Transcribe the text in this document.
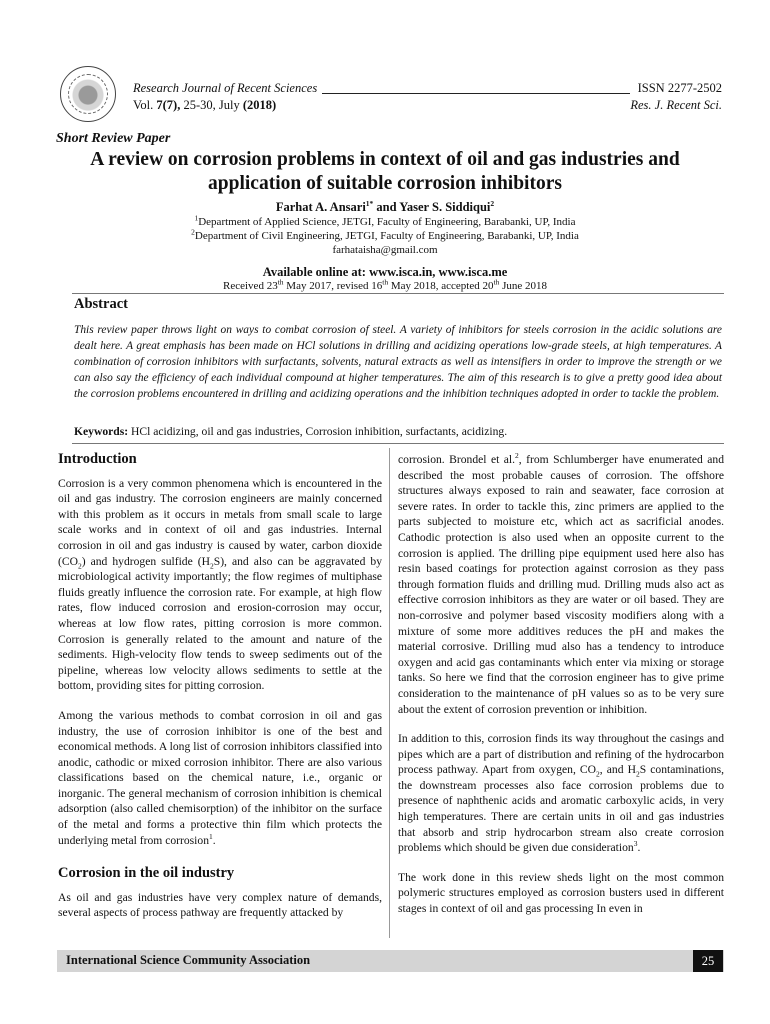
Research Journal of Recent Sciences
Vol. 7(7), 25-30, July (2018)
ISSN 2277-2502
Res. J. Recent Sci.
Short Review Paper
A review on corrosion problems in context of oil and gas industries and
application of suitable corrosion inhibitors
Farhat A. Ansari$^{1*}$ and Yaser S. Siddiqui$^2$
$^1$Department of Applied Science, JETGI, Faculty of Engineering, Barabanki, UP, India
$^2$Department of Civil Engineering, JETGI, Faculty of Engineering, Barabanki, UP, India
farhataisha@gmail.com
Available online at: www.isca.in, www.isca.me
Received 23th May 2017, revised 16th May 2018, accepted 20th June 2018
Abstract
This review paper throws light on ways to combat corrosion of steel. A variety of inhibitors for steels corrosion in the acidic solutions are dealt here. A great emphasis has been made on HCl solutions in drilling and acidizing operations low-grade steels, at high temperatures. A combination of corrosion inhibitors with surfactants, solvents, natural extracts as well as intensifiers in order to improve the strength or we can also say the efficiency of each individual compound at higher temperatures. The aim of this research is to give a pretty good idea about the corrosion problems encountered in drilling and acidizing operations and the inhibition techniques adopted in order to tackle the problem.
Keywords: HCl acidizing, oil and gas industries, Corrosion inhibition, surfactants, acidizing.
Introduction
Corrosion is a very common phenomena which is encountered in the oil and gas industry. The corrosion engineers are mainly concerned with this problem as it occurs in metals from small scale to large scale works and in context of oil and gas industries. Internal corrosion in oil and gas industry is caused by water, carbon dioxide $(CO_2)$ and hydrogen sulfide $(H_2S)$, and also can be aggravated by microbiological activity importantly; the flow regimes of multiphase fluids greatly influence the corrosion rate. For example, at high flow rates, flow induced corrosion and erosion-corrosion may occur, whereas at low flow rates, pitting corrosion is more common. Corrosion is generally related to the amount and nature of the sediments. High-velocity flow tends to sweep sediments out of the pipeline, whereas low velocity allows sediments to settle at the bottom, providing sites for pitting corrosion.
Among the various methods to combat corrosion in oil and gas industry, the use of corrosion inhibitor is one of the best and economical methods. A long list of corrosion inhibitors classified into anodic, cathodic or mixed corrosion inhibitor. There are also various classifications based on the chemical nature, i.e., organic or inorganic. The general mechanism of corrosion inhibition is chemical adsorption (also called chemisorption) of the inhibitor on the surface of the metal and forms a protective thin film which protects the underlying metal from corrosion$^1$.
Corrosion in the oil industry
As oil and gas industries have very complex nature of demands, several aspects of process pathway are frequently attacked by
corrosion. Brondel et al.$^2$, from Schlumberger have enumerated and described the most probable causes of corrosion. The offshore structures always exposed to rain and seawater, face corrosion at severe rates. In order to tackle this, zinc primers are applied to the parts subjected to moisture etc, which act as sacrificial anodes. Cathodic protection is also used when an opposite current to the corrosion is applied. The drilling pipe equipment used here also has resin based coatings for protection against corrosion as they pass through formation fluids and drilling mud. Drilling muds also act as effective corrosion inhibitors as they are water or oil based. They are non-corrosive and polymer based viscosity modifiers along with a mixture of some more additives reduces the pH and makes the material corrosive. Drilling mud also has a tendency to introduce oxygen and acid gas contaminants which enter via mixing or storage tanks. So here we find that the corrosion engineer has to give prime consideration to the maintenance of pH values so as to be very sure about the extent of corrosion prevention or inhibition.
In addition to this, corrosion finds its way throughout the casings and pipes which are a part of distribution and refining of the hydrocarbon process pathway. Apart from oxygen, $CO_2$, and $H_2S$ contaminations, the downstream processes also face corrosion problems due to presence of naphthenic acids and aromatic carboxylic acids, in very high temperatures. There are certain units in oil and gas industries that absorb and strip hydrocarbon stream also create corrosion problems which should be given due consideration$^3$.
The work done in this review sheds light on the most common polymeric structures employed as corrosion busters used in different stages in context of oil and gas processing In even in
International Science Community Association	25
